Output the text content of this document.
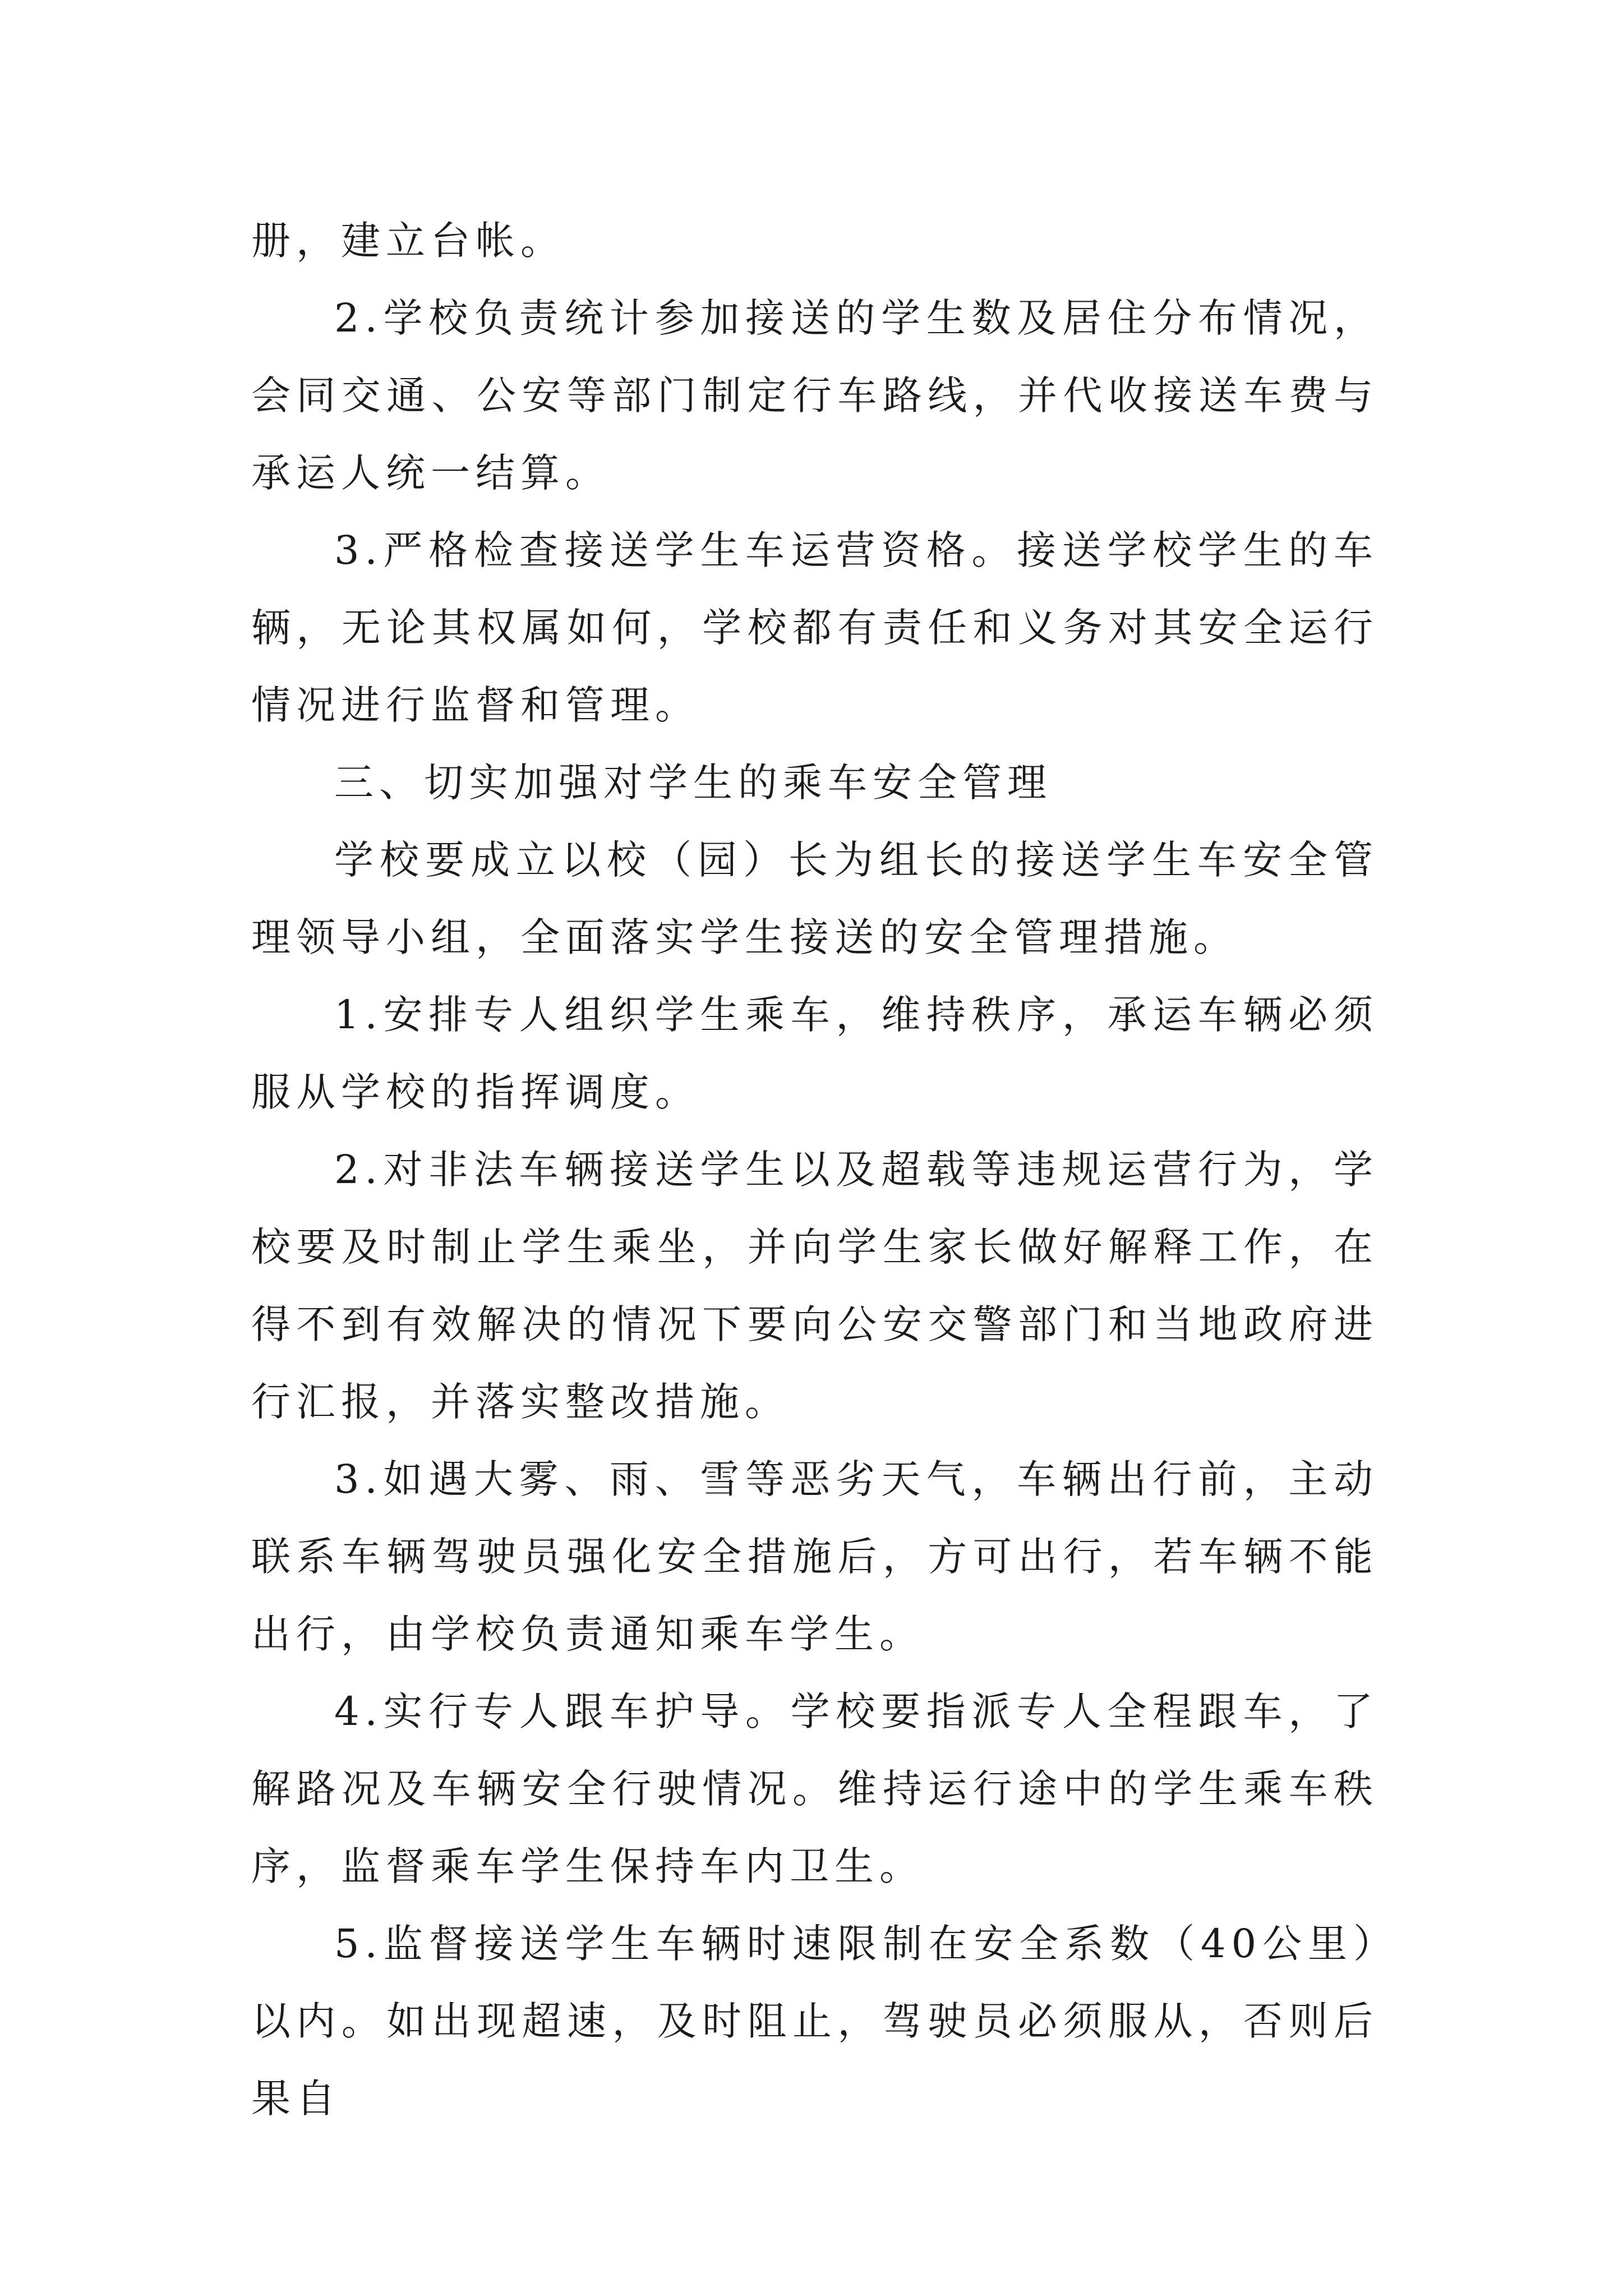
册，建立台帐。

2.学校负责统计参加接送的学生数及居住分布情况，会同交通、公安等部门制定行车路线，并代收接送车费与承运人统一结算。

3.严格检查接送学生车运营资格。接送学校学生的车辆，无论其权属如何，学校都有责任和义务对其安全运行情况进行监督和管理。

三、切实加强对学生的乘车安全管理

学校要成立以校（园）长为组长的接送学生车安全管理领导小组，全面落实学生接送的安全管理措施。

1.安排专人组织学生乘车，维持秩序，承运车辆必须服从学校的指挥调度。

2.对非法车辆接送学生以及超载等违规运营行为，学校要及时制止学生乘坐，并向学生家长做好解释工作，在得不到有效解决的情况下要向公安交警部门和当地政府进行汇报，并落实整改措施。

3.如遇大雾、雨、雪等恶劣天气，车辆出行前，主动联系车辆驾驶员强化安全措施后，方可出行，若车辆不能出行，由学校负责通知乘车学生。

4.实行专人跟车护导。学校要指派专人全程跟车，了解路况及车辆安全行驶情况。维持运行途中的学生乘车秩序，监督乘车学生保持车内卫生。

5.监督接送学生车辆时速限制在安全系数（40公里）以内。如出现超速，及时阻止，驾驶员必须服从，否则后果自
